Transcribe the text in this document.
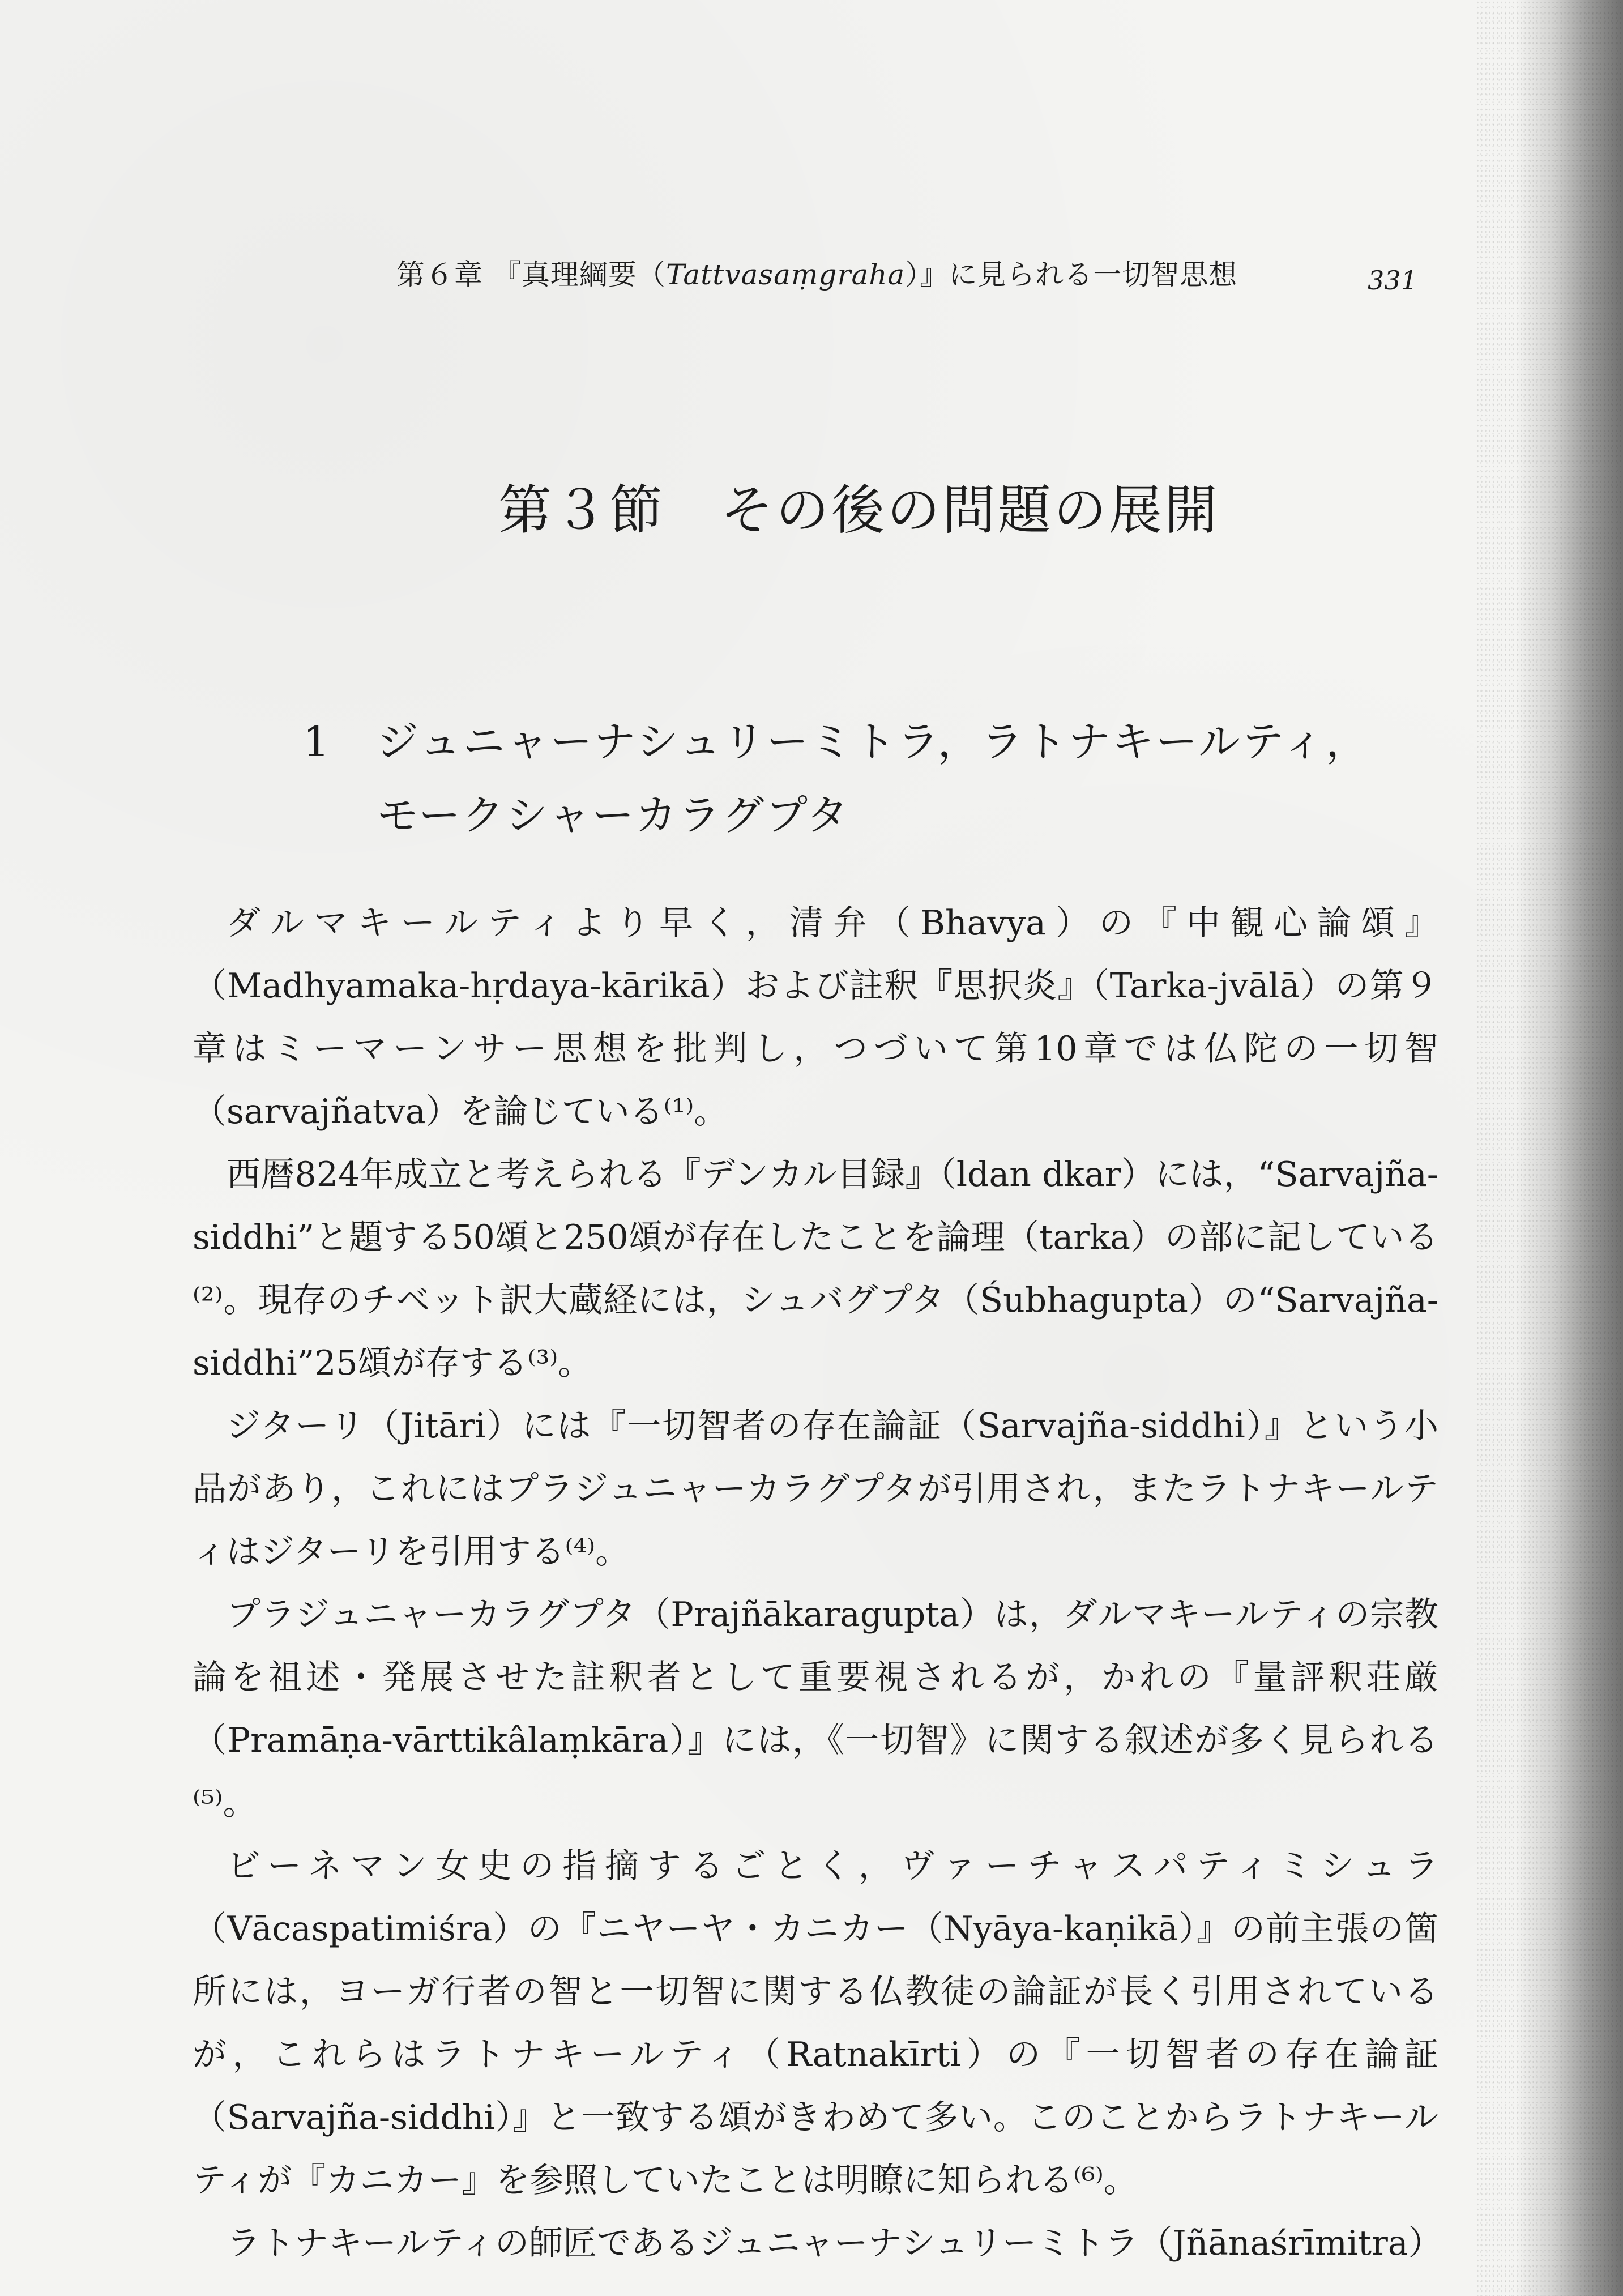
第６章 『真理綱要（Tattvasaṃgraha）』に見られる一切智思想	331
第３節　その後の問題の展開
1 ジュニャーナシュリーミトラ，ラトナキールティ，
モークシャーカラグプタ

ダルマキールティより早く，清弁（Bhavya）の『中観心論頌』（Madhyamaka-hṛdaya-kārikā）および註釈『思択炎』（Tarka-jvālā）の第９章はミーマーンサー思想を批判し，つづいて第10章では仏陀の一切智（sarvajñatva）を論じている⁽¹⁾。

西暦824年成立と考えられる『デンカル目録』（ldan dkar）には，“Sarvajña-siddhi”と題する50頌と250頌が存在したことを論理（tarka）の部に記している⁽²⁾。現存のチベット訳大蔵経には，シュバグプタ（Śubhagupta）の“Sarvajña-siddhi”25頌が存する⁽³⁾。

ジターリ（Jitāri）には『一切智者の存在論証（Sarvajña-siddhi）』という小品があり，これにはプラジュニャーカラグプタが引用され，またラトナキールティはジターリを引用する⁽⁴⁾。

プラジュニャーカラグプタ（Prajñākaragupta）は，ダルマキールティの宗教論を祖述・発展させた註釈者として重要視されるが，かれの『量評釈荘厳（Pramāṇa-vārttikâlaṃkāra）』には，《一切智》に関する叙述が多く見られる⁽⁵⁾。

ビーネマン女史の指摘するごとく，ヴァーチャスパティミシュラ（Vācaspatimiśra）の『ニヤーヤ・カニカー（Nyāya-kaṇikā）』の前主張の箇所には，ヨーガ行者の智と一切智に関する仏教徒の論証が長く引用されているが，これらはラトナキールティ（Ratnakīrti）の『一切智者の存在論証（Sarvajña-siddhi）』と一致する頌がきわめて多い。このことからラトナキールティが『カニカー』を参照していたことは明瞭に知られる⁽⁶⁾。

ラトナキールティの師匠であるジュニャーナシュリーミトラ（Jñānaśrīmitra）
